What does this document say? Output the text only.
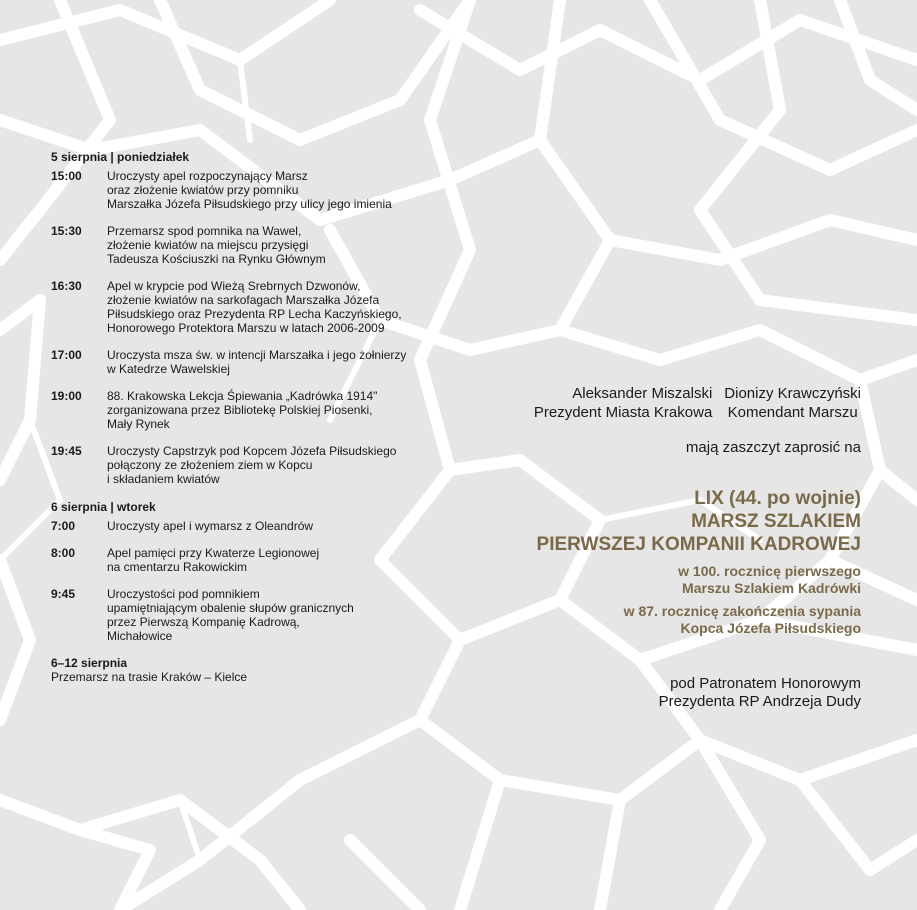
5 sierpnia | poniedziałek
15:00	Uroczysty apel rozpoczynający Marsz
oraz złożenie kwiatów przy pomniku
Marszałka Józefa Piłsudskiego przy ulicy jego imienia
15:30	Przemarsz spod pomnika na Wawel,
złożenie kwiatów na miejscu przysięgi
Tadeusza Kościuszki na Rynku Głównym
16:30	Apel w krypcie pod Wieżą Srebrnych Dzwonów,
złożenie kwiatów na sarkofagach Marszałka Józefa
Piłsudskiego oraz Prezydenta RP Lecha Kaczyńskiego,
Honorowego Protektora Marszu w latach 2006-2009
17:00	Uroczysta msza św. w intencji Marszałka i jego żołnierzy
w Katedrze Wawelskiej
19:00	88. Krakowska Lekcja Śpiewania „Kadrówka 1914"
zorganizowana przez Bibliotekę Polskiej Piosenki,
Mały Rynek
19:45	Uroczysty Capstrzyk pod Kopcem Józefa Piłsudskiego
połączony ze złożeniem ziem w Kopcu
i składaniem kwiatów
6 sierpnia | wtorek
7:00	Uroczysty apel i wymarsz z Oleandrów
8:00	Apel pamięci przy Kwaterze Legionowej
na cmentarzu Rakowickim
9:45	Uroczystości pod pomnikiem
upamiętniającym obalenie słupów granicznych
przez Pierwszą Kompanię Kadrową,
Michałowice
6–12 sierpnia
Przemarsz na trasie Kraków – Kielce
Aleksander Miszalski
Prezydent Miasta Krakowa
Dionizy Krawczyński
Komendant Marszu
mają zaszczyt zaprosić na
LIX (44. po wojnie)
MARSZ SZLAKIEM
PIERWSZEJ KOMPANII KADROWEJ
w 100. rocznicę pierwszego
Marszu Szlakiem Kadrówki
w 87. rocznicę zakończenia sypania
Kopca Józefa Piłsudskiego
pod Patronatem Honorowym
Prezydenta RP Andrzeja Dudy
